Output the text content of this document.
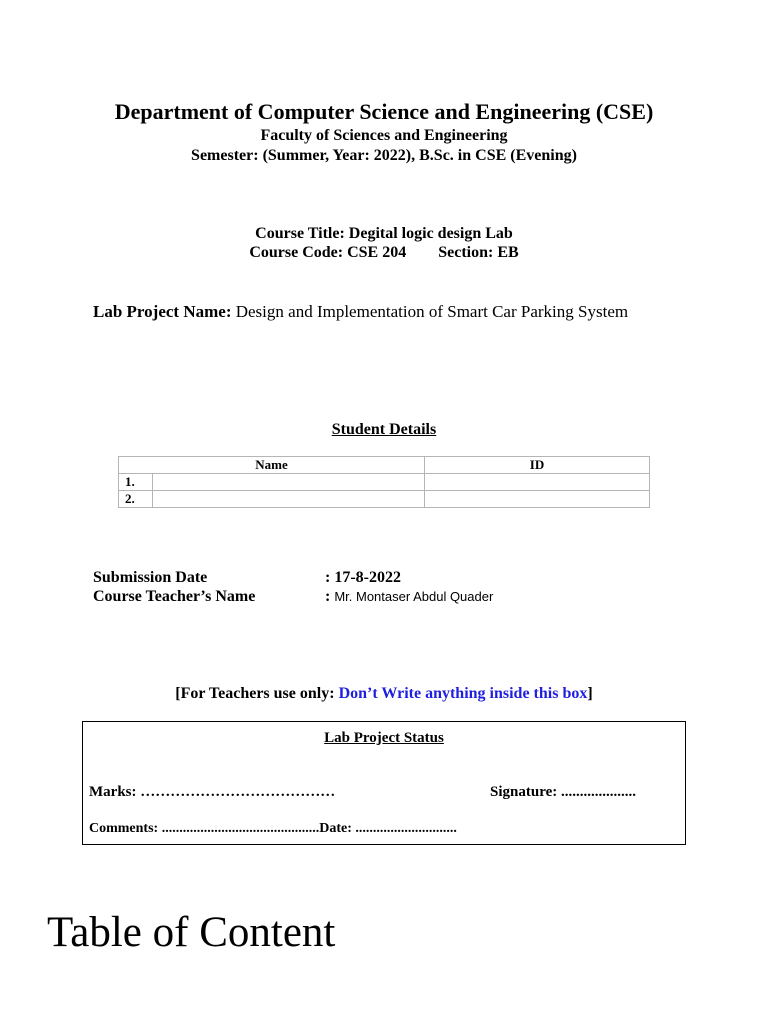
Department of Computer Science and Engineering (CSE)
Faculty of Sciences and Engineering
Semester: (Summer, Year: 2022), B.Sc. in CSE (Evening)
Course Title: Degital logic design Lab
Course Code: CSE 204 Section: EB
Lab Project Name: Design and Implementation of Smart Car Parking System
Student Details
Name		ID
1.		
2.		
Submission Date	: 17-8-2022
Course Teacher’s Name	: Mr. Montaser Abdul Quader
[For Teachers use only: Don’t Write anything inside this box]
Lab Project Status
Marks: …………………………………	Signature: ....................
Comments: .............................................Date: .............................
Table of Content
